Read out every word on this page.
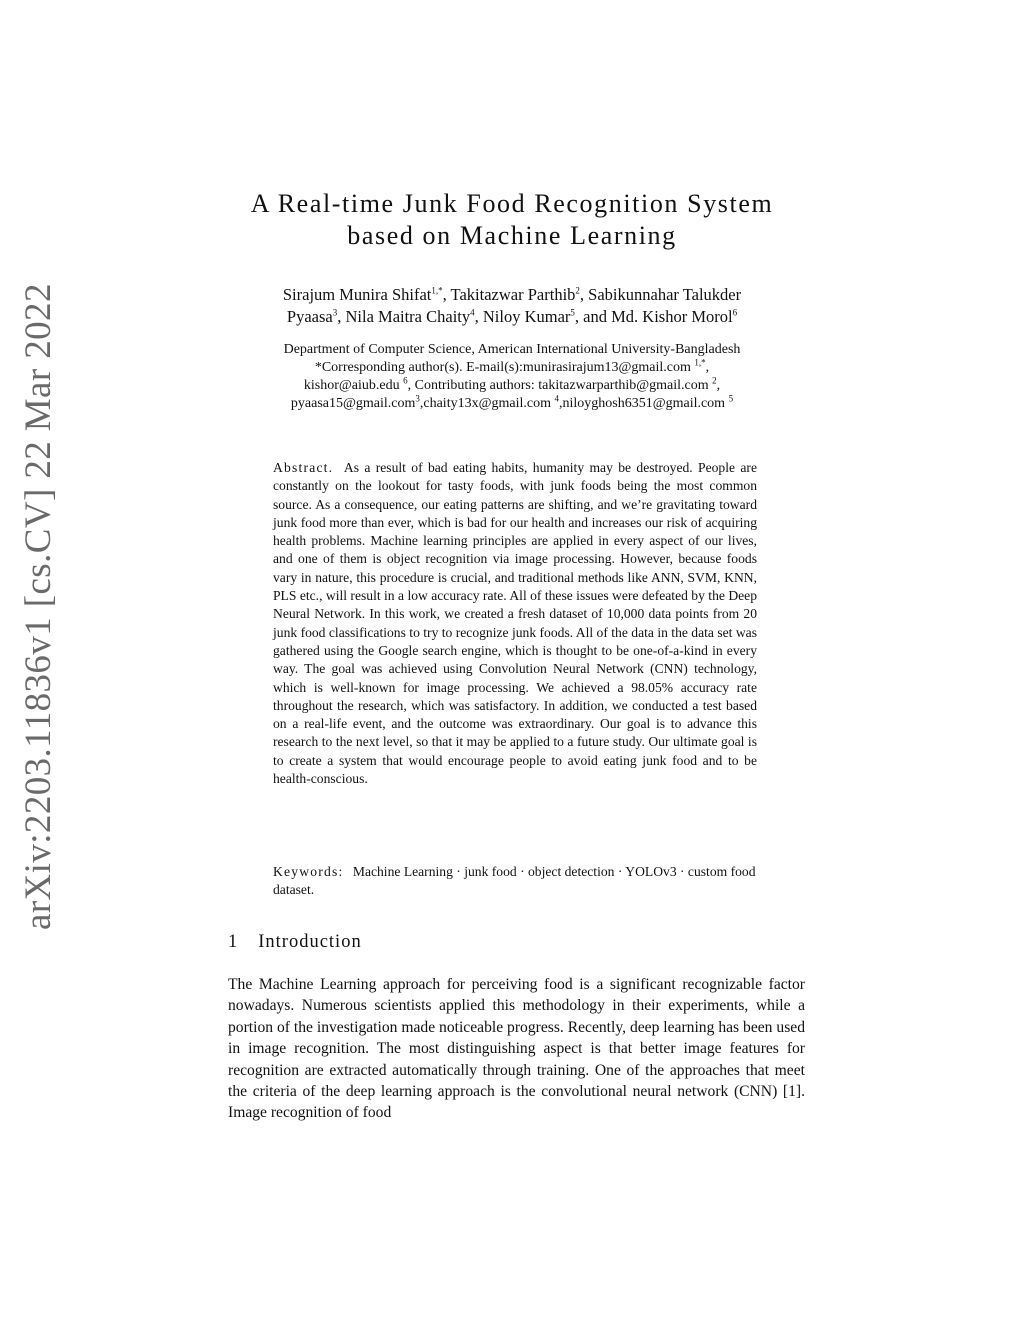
arXiv:2203.11836v1 [cs.CV] 22 Mar 2022
A Real-time Junk Food Recognition System
based on Machine Learning
Sirajum Munira Shifat$^{1,*}$, Takitazwar Parthib$^2$, Sabikunnahar Talukder
Pyaasa$^3$, Nila Maitra Chaity$^4$, Niloy Kumar$^5$, and Md. Kishor Morol$^6$
Department of Computer Science, American International University-Bangladesh
*Corresponding author(s). E-mail(s):munirasirajum13@gmail.com $^{1,*}$,
kishor@aiub.edu $^6$, Contributing authors: takitazwarparthib@gmail.com $^2$,
pyaasa15@gmail.com$^3$,chaity13x@gmail.com $^4$,niloyghosh6351@gmail.com $^5$
Abstract. As a result of bad eating habits, humanity may be destroyed. People are constantly on the lookout for tasty foods, with junk foods being the most common source. As a consequence, our eating patterns are shifting, and we’re gravitating toward junk food more than ever, which is bad for our health and increases our risk of acquiring health problems. Machine learning principles are applied in every aspect of our lives, and one of them is object recognition via image processing. However, because foods vary in nature, this procedure is crucial, and traditional methods like ANN, SVM, KNN, PLS etc., will result in a low accuracy rate. All of these issues were defeated by the Deep Neural Network. In this work, we created a fresh dataset of 10,000 data points from 20 junk food classifications to try to recognize junk foods. All of the data in the data set was gathered using the Google search engine, which is thought to be one-of-a-kind in every way. The goal was achieved using Convolution Neural Network (CNN) technology, which is well-known for image processing. We achieved a 98.05% accuracy rate throughout the research, which was satisfactory. In addition, we conducted a test based on a real-life event, and the outcome was extraordinary. Our goal is to advance this research to the next level, so that it may be applied to a future study. Our ultimate goal is to create a system that would encourage people to avoid eating junk food and to be health-conscious.
Keywords: Machine Learning · junk food · object detection · YOLOv3 · custom food dataset.
1 Introduction

The Machine Learning approach for perceiving food is a significant recognizable factor nowadays. Numerous scientists applied this methodology in their experiments, while a portion of the investigation made noticeable progress. Recently, deep learning has been used in image recognition. The most distinguishing aspect is that better image features for recognition are extracted automatically through training. One of the approaches that meet the criteria of the deep learning approach is the convolutional neural network (CNN) [1]. Image recognition of food
